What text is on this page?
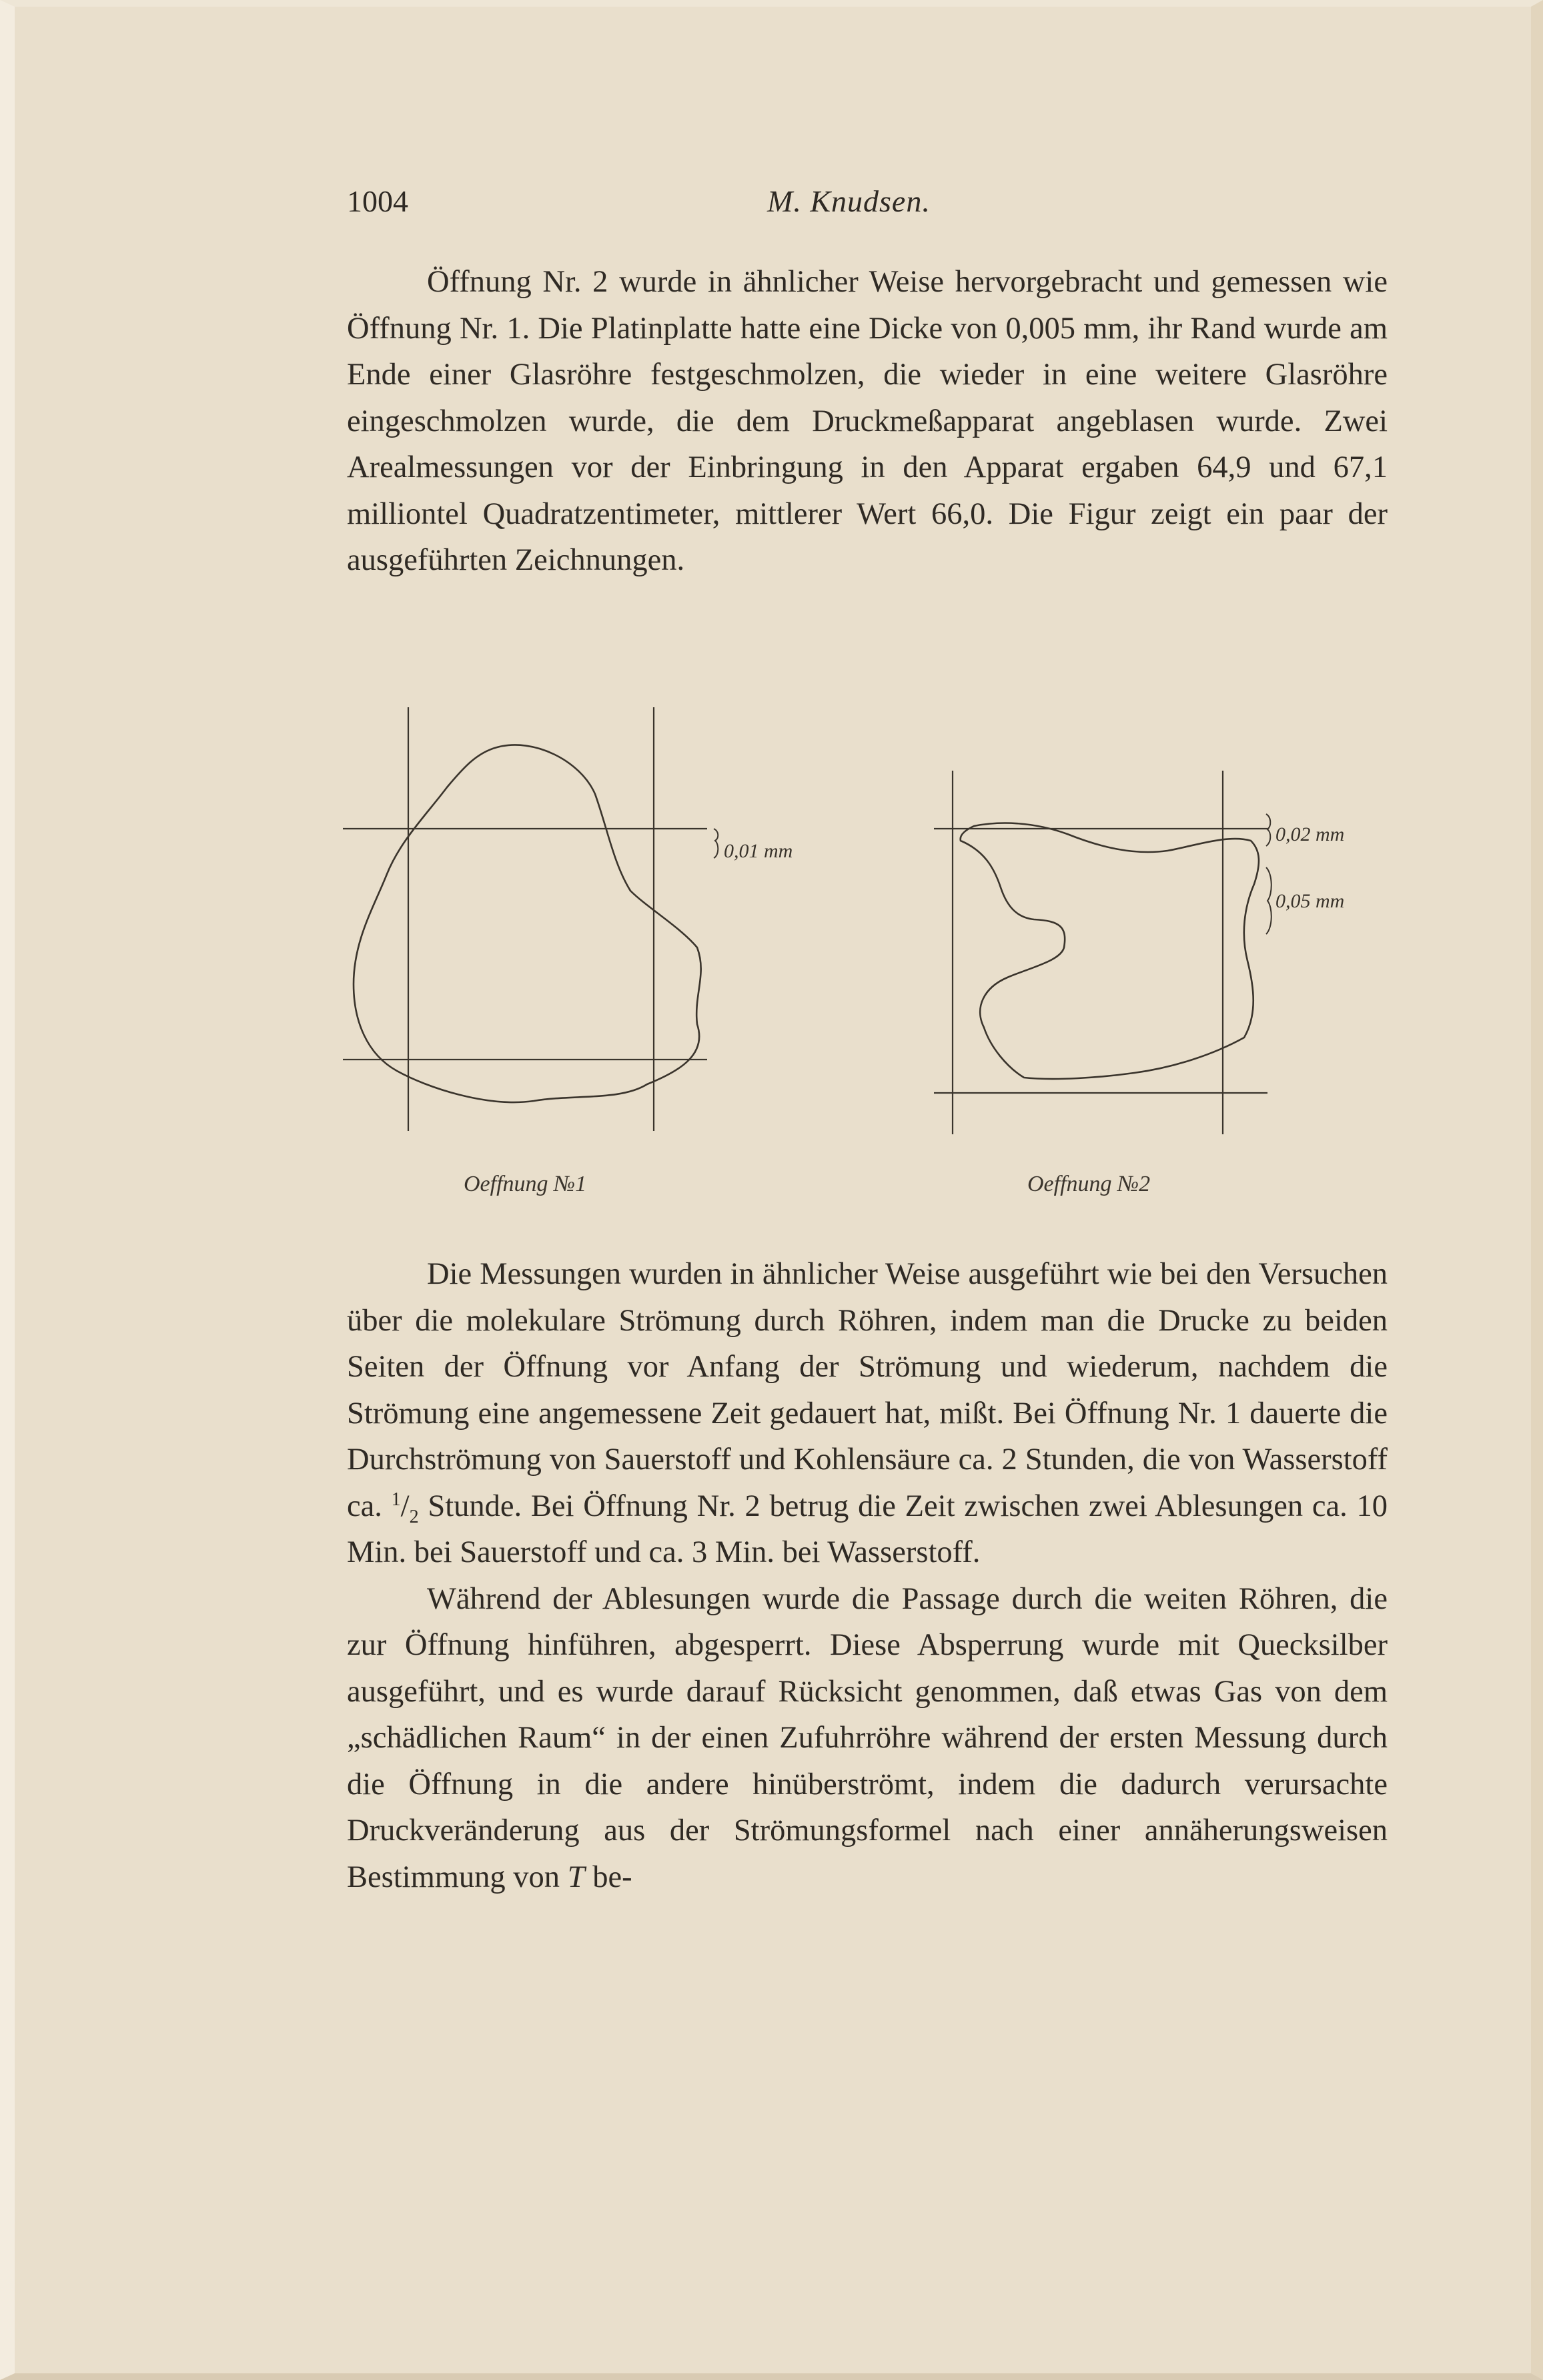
1004	M. Knudsen.

Öffnung Nr. 2 wurde in ähnlicher Weise hervorgebracht und gemessen wie Öffnung Nr. 1. Die Platinplatte hatte eine Dicke von 0,005 mm, ihr Rand wurde am Ende einer Glasröhre festgeschmolzen, die wieder in eine weitere Glasröhre eingeschmolzen wurde, die dem Druckmeßapparat angeblasen wurde. Zwei Arealmessungen vor der Einbringung in den Apparat ergaben 64,9 und 67,1 milliontel Quadratzentimeter, mittlerer Wert 66,0. Die Figur zeigt ein paar der ausgeführten Zeichnungen.

0,01 mm
Oeffnung №1
0,02 mm
0,05 mm
Oeffnung №2

Die Messungen wurden in ähnlicher Weise ausgeführt wie bei den Versuchen über die molekulare Strömung durch Röhren, indem man die Drucke zu beiden Seiten der Öffnung vor Anfang der Strömung und wiederum, nachdem die Strömung eine angemessene Zeit gedauert hat, mißt. Bei Öffnung Nr. 1 dauerte die Durchströmung von Sauerstoff und Kohlensäure ca. 2 Stunden, die von Wasserstoff ca. $^1/_2$ Stunde. Bei Öffnung Nr. 2 betrug die Zeit zwischen zwei Ablesungen ca. 10 Min. bei Sauerstoff und ca. 3 Min. bei Wasserstoff.

Während der Ablesungen wurde die Passage durch die weiten Röhren, die zur Öffnung hinführen, abgesperrt. Diese Absperrung wurde mit Quecksilber ausgeführt, und es wurde darauf Rücksicht genommen, daß etwas Gas von dem „schädlichen Raum“ in der einen Zufuhrröhre während der ersten Messung durch die Öffnung in die andere hinüberströmt, indem die dadurch verursachte Druckveränderung aus der Strömungsformel nach einer annäherungsweisen Bestimmung von T be-
